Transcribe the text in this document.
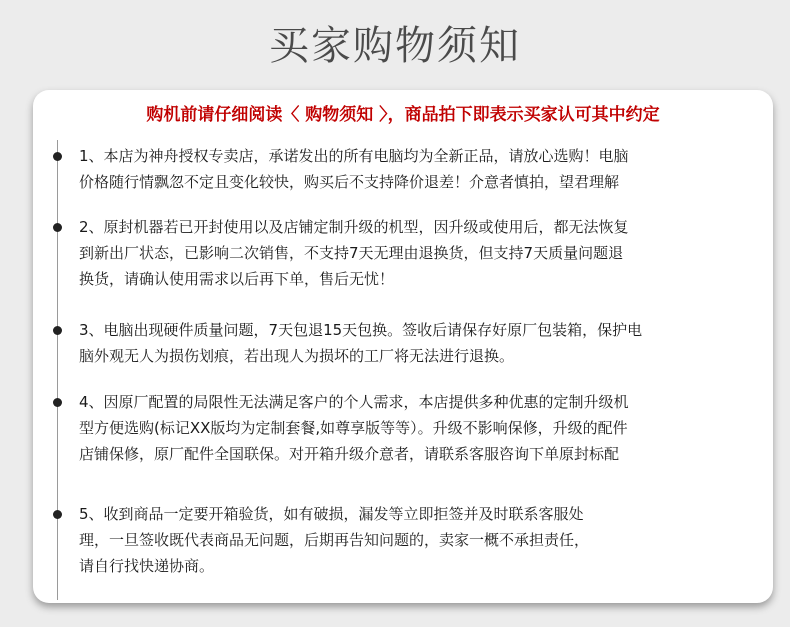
买家购物须知
购机前请仔细阅读〈 购物须知 〉，商品拍下即表示买家认可其中约定
1、本店为神舟授权专卖店，承诺发出的所有电脑均为全新正品，请放心选购！电脑
价格随行情飘忽不定且变化较快，购买后不支持降价退差！介意者慎拍，望君理解
2、原封机器若已开封使用以及店铺定制升级的机型，因升级或使用后，都无法恢复
到新出厂状态，已影响二次销售，不支持7天无理由退换货，但支持7天质量问题退
换货，请确认使用需求以后再下单，售后无忧！
3、电脑出现硬件质量问题，7天包退15天包换。签收后请保存好原厂包装箱，保护电
脑外观无人为损伤划痕，若出现人为损坏的工厂将无法进行退换。
4、因原厂配置的局限性无法满足客户的个人需求，本店提供多种优惠的定制升级机
型方便选购(标记XX版均为定制套餐,如尊享版等等）。升级不影响保修，升级的配件
店铺保修，原厂配件全国联保。对开箱升级介意者，请联系客服咨询下单原封标配
5、收到商品一定要开箱验货，如有破损，漏发等立即拒签并及时联系客服处
理，一旦签收既代表商品无问题，后期再告知问题的，卖家一概不承担责任，
请自行找快递协商。
